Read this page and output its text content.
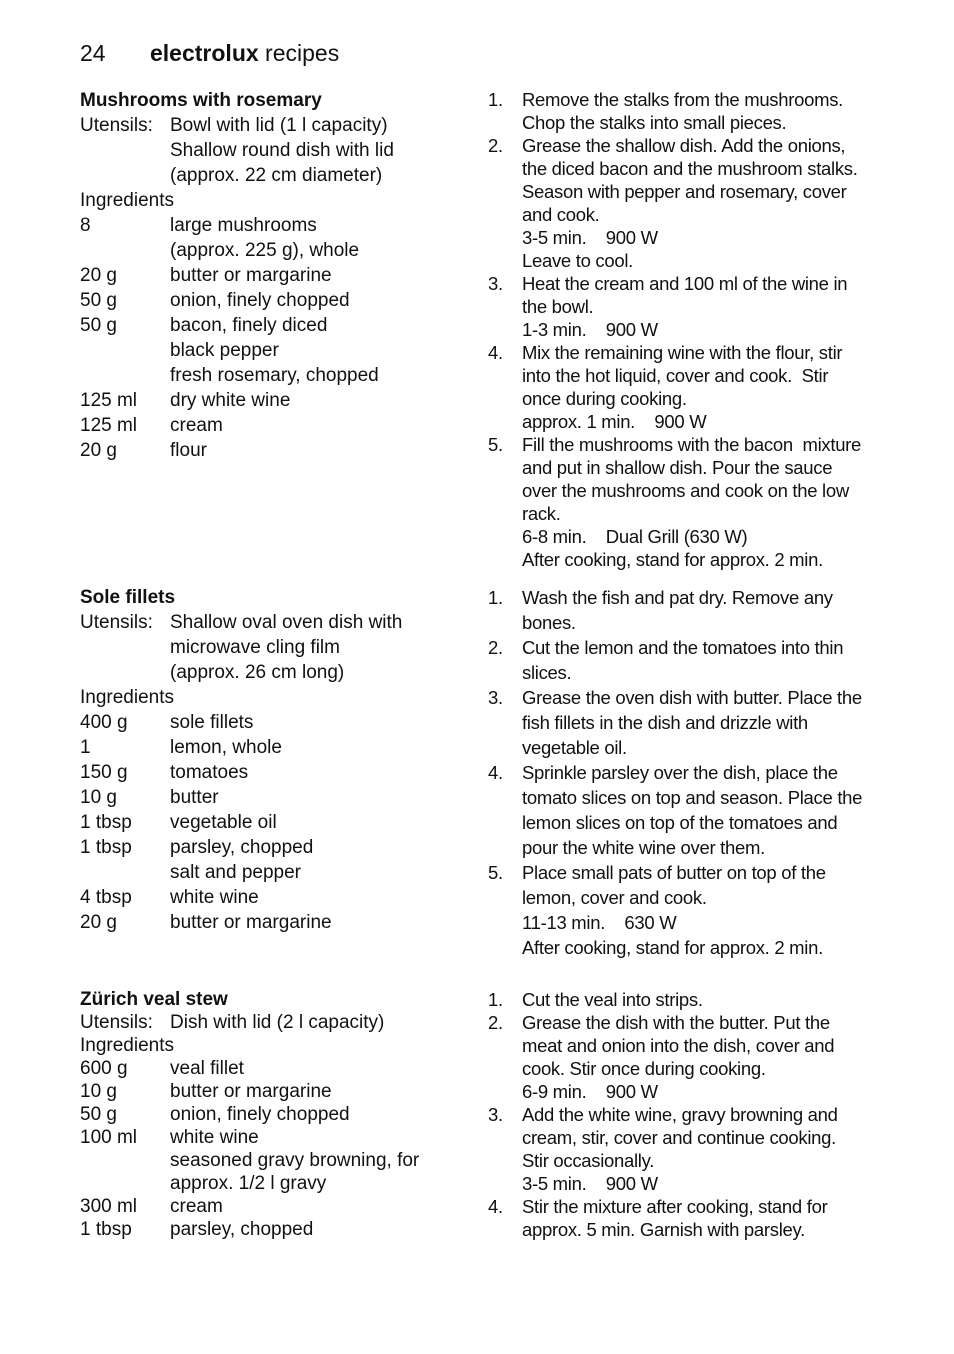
24 electrolux recipes
Mushrooms with rosemary
Utensils: Bowl with lid (1 l capacity)
Shallow round dish with lid
(approx. 22 cm diameter)
Ingredients
8	large mushrooms
(approx. 225 g), whole
20 g	butter or margarine
50 g	onion, finely chopped
50 g	bacon, finely diced
black pepper
fresh rosemary, chopped
125 ml	dry white wine
125 ml	cream
20 g	flour
1.	Remove the stalks from the mushrooms.
Chop the stalks into small pieces.
2.	Grease the shallow dish. Add the onions,
the diced bacon and the mushroom stalks.
Season with pepper and rosemary, cover
and cook.
3-5 min.    900 W
Leave to cool.
3.	Heat the cream and 100 ml of the wine in
the bowl.
1-3 min.    900 W
4.	Mix the remaining wine with the flour, stir
into the hot liquid, cover and cook.  Stir
once during cooking.
approx. 1 min.    900 W
5.	Fill the mushrooms with the bacon  mixture
and put in shallow dish. Pour the sauce
over the mushrooms and cook on the low
rack.
6-8 min.    Dual Grill (630 W)
After cooking, stand for approx. 2 min.
Sole fillets
Utensils: Shallow oval oven dish with
microwave cling film
(approx. 26 cm long)
Ingredients
400 g	sole fillets
1	lemon, whole
150 g	tomatoes
10 g	butter
1 tbsp	vegetable oil
1 tbsp	parsley, chopped
salt and pepper
4 tbsp	white wine
20 g	butter or margarine
1.	Wash the fish and pat dry. Remove any
bones.
2.	Cut the lemon and the tomatoes into thin
slices.
3.	Grease the oven dish with butter. Place the
fish fillets in the dish and drizzle with
vegetable oil.
4.	Sprinkle parsley over the dish, place the
tomato slices on top and season. Place the
lemon slices on top of the tomatoes and
pour the white wine over them.
5.	Place small pats of butter on top of the
lemon, cover and cook.
11-13 min.    630 W
After cooking, stand for approx. 2 min.
Zürich veal stew
Utensils: Dish with lid (2 l capacity)
Ingredients
600 g	veal fillet
10 g	butter or margarine
50 g	onion, finely chopped
100 ml	white wine
seasoned gravy browning, for
approx. 1/2 l gravy
300 ml	cream
1 tbsp	parsley, chopped
1.	Cut the veal into strips.
2.	Grease the dish with the butter. Put the
meat and onion into the dish, cover and
cook. Stir once during cooking.
6-9 min.    900 W
3.	Add the white wine, gravy browning and
cream, stir, cover and continue cooking.
Stir occasionally.
3-5 min.    900 W
4.	Stir the mixture after cooking, stand for
approx. 5 min. Garnish with parsley.
